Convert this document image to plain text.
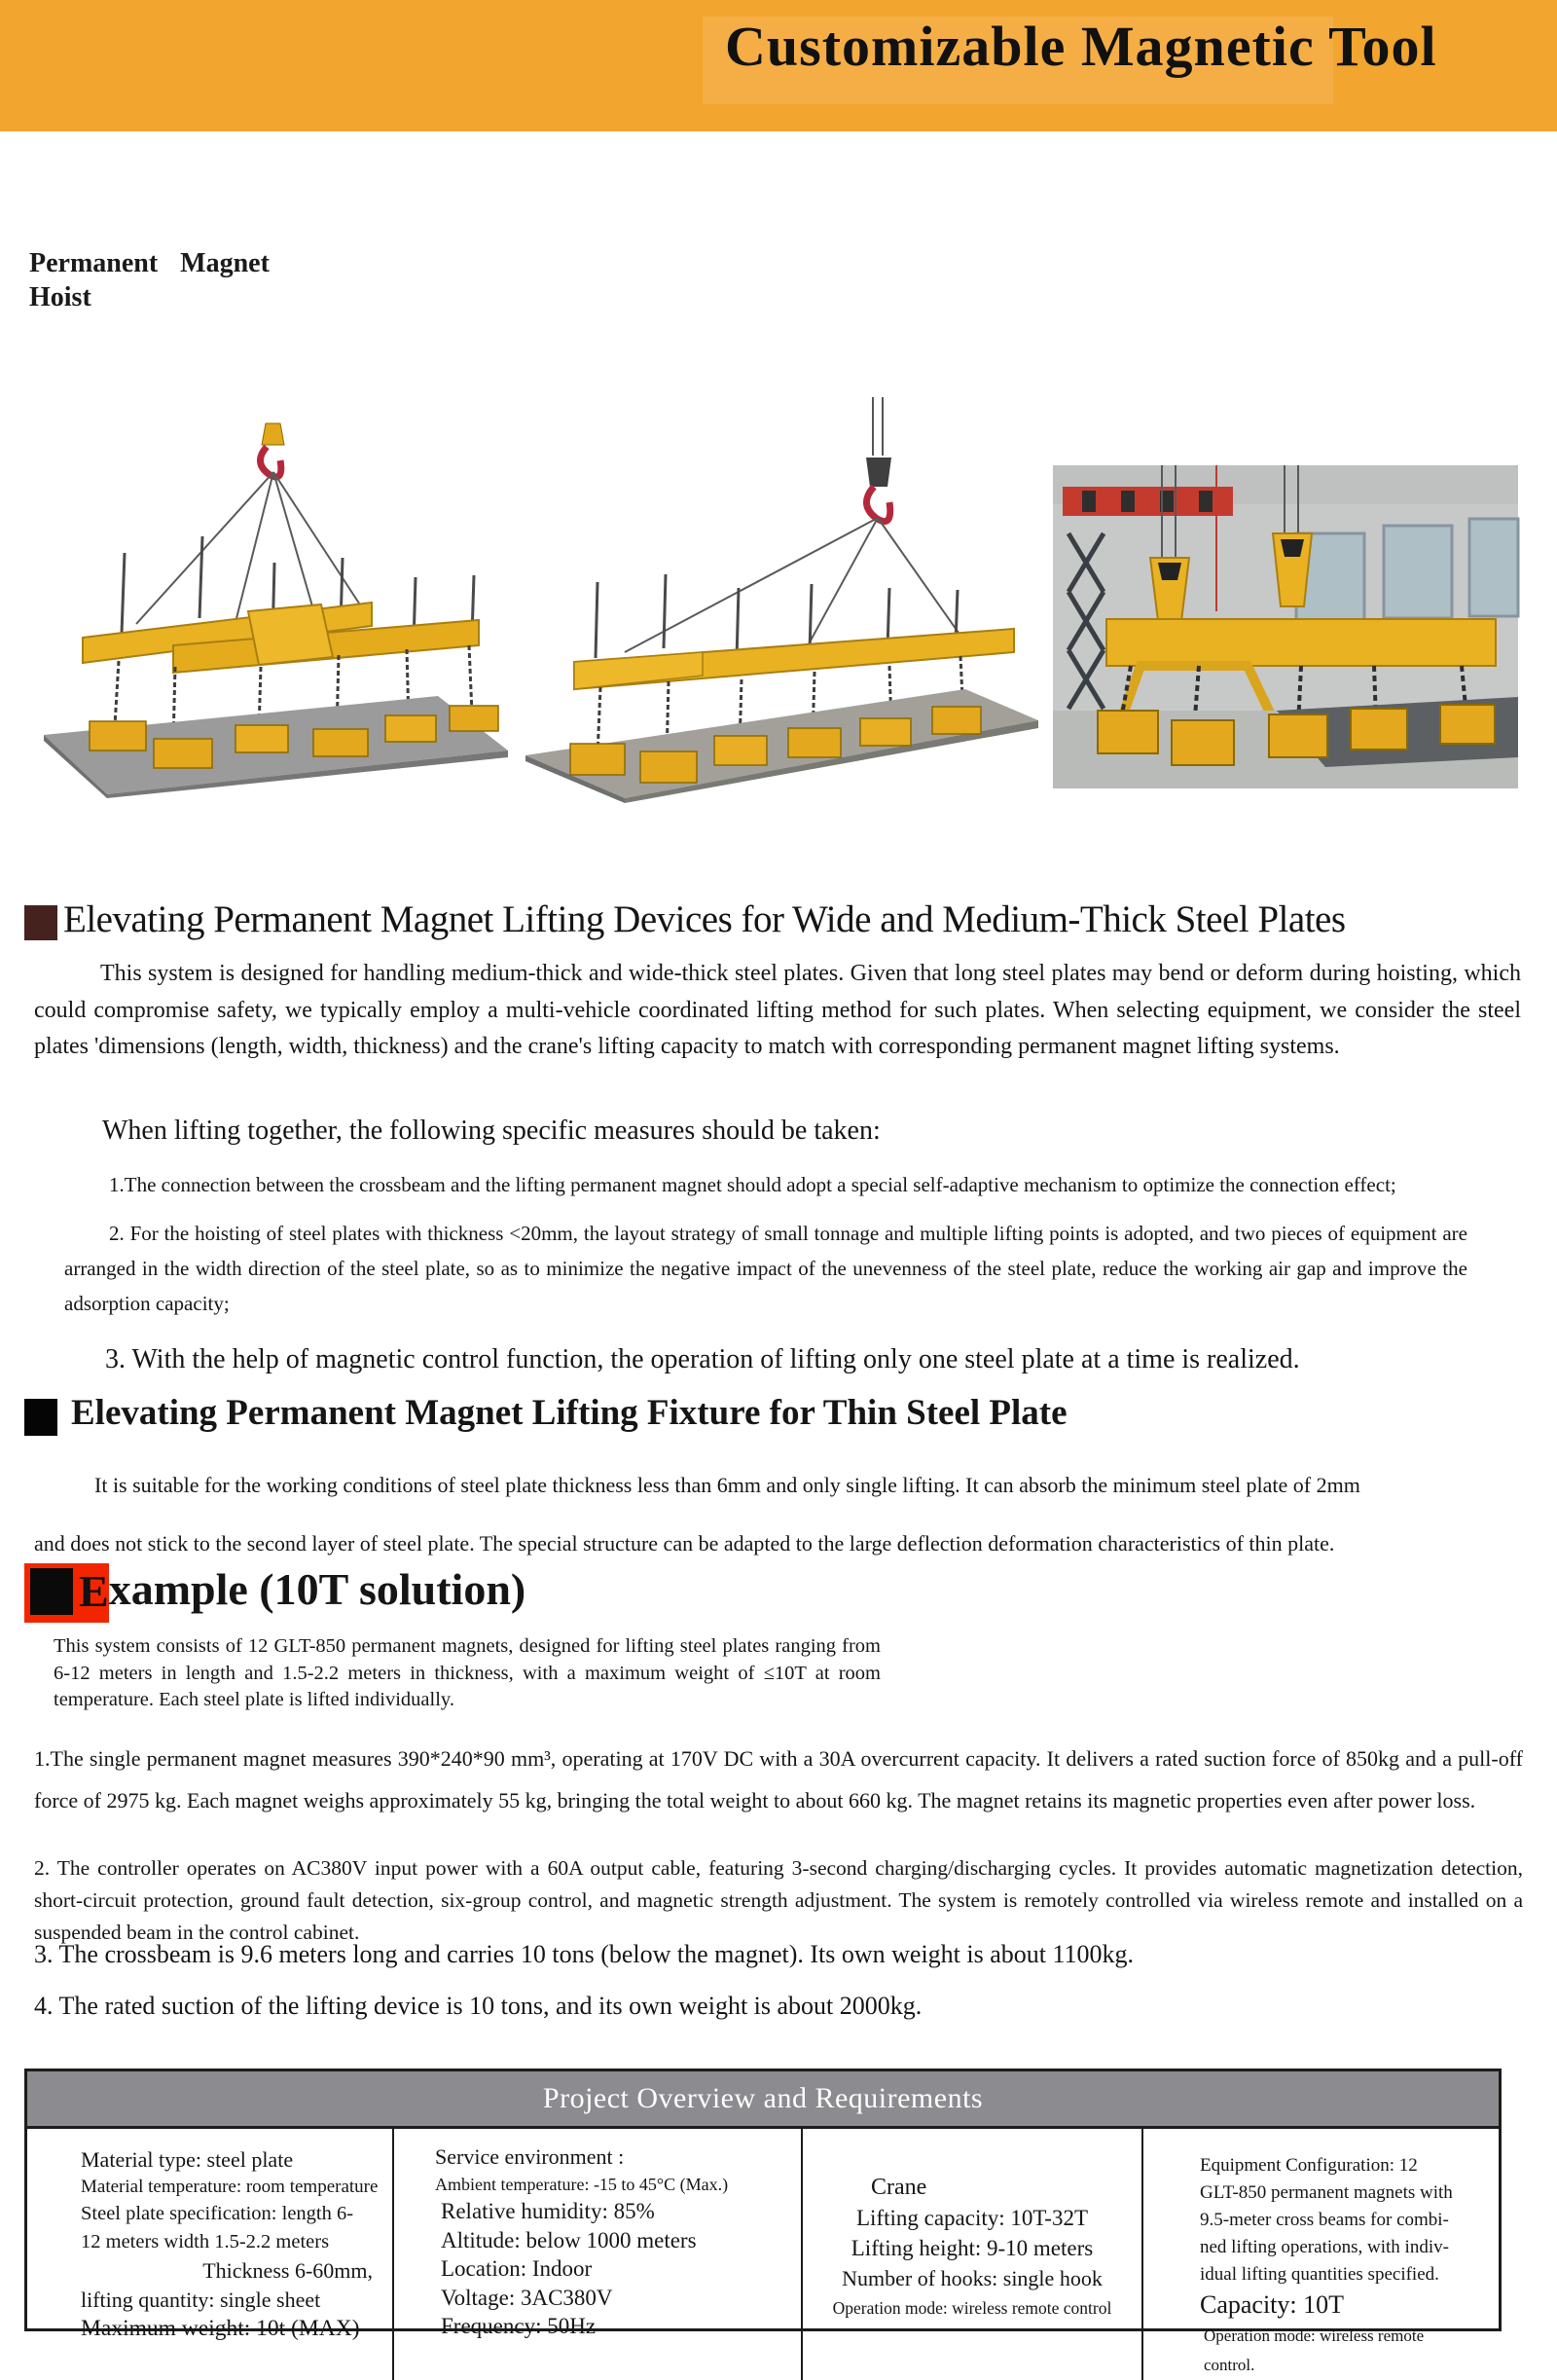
Customizable Magnetic Tool
Permanent Magnet
Hoist
Elevating Permanent Magnet Lifting Devices for Wide and Medium-Thick Steel Plates
This system is designed for handling medium-thick and wide-thick steel plates. Given that long steel plates may bend or deform during hoisting, which could compromise safety, we typically employ a multi-vehicle coordinated lifting method for such plates. When selecting equipment, we consider the steel plates 'dimensions (length, width, thickness) and the crane's lifting capacity to match with corresponding permanent magnet lifting systems.
When lifting together, the following specific measures should be taken:
1.The connection between the crossbeam and the lifting permanent magnet should adopt a special self-adaptive mechanism to optimize the connection effect;
2. For the hoisting of steel plates with thickness <20mm, the layout strategy of small tonnage and multiple lifting points is adopted, and two pieces of equipment are arranged in the width direction of the steel plate, so as to minimize the negative impact of the unevenness of the steel plate, reduce the working air gap and improve the adsorption capacity;
3. With the help of magnetic control function, the operation of lifting only one steel plate at a time is realized.
Elevating Permanent Magnet Lifting Fixture for Thin Steel Plate
It is suitable for the working conditions of steel plate thickness less than 6mm and only single lifting. It can absorb the minimum steel plate of 2mm
and does not stick to the second layer of steel plate. The special structure can be adapted to the large deflection deformation characteristics of thin plate.
E xample (10T solution)
This system consists of 12 GLT-850 permanent magnets, designed for lifting steel plates ranging from 6-12 meters in length and 1.5-2.2 meters in thickness, with a maximum weight of ≤10T at room temperature. Each steel plate is lifted individually.
1.The single permanent magnet measures 390*240*90 mm³, operating at 170V DC with a 30A overcurrent capacity. It delivers a rated suction force of 850kg and a pull-off force of 2975 kg. Each magnet weighs approximately 55 kg, bringing the total weight to about 660 kg. The magnet retains its magnetic properties even after power loss.
2. The controller operates on AC380V input power with a 60A output cable, featuring 3-second charging/discharging cycles. It provides automatic magnetization detection, short-circuit protection, ground fault detection, six-group control, and magnetic strength adjustment. The system is remotely controlled via wireless remote and installed on a suspended beam in the control cabinet.
3. The crossbeam is 9.6 meters long and carries 10 tons (below the magnet). Its own weight is about 1100kg.
4. The rated suction of the lifting device is 10 tons, and its own weight is about 2000kg.
Project Overview and Requirements
Material type: steel plate
Material temperature: room temperature
Steel plate specification: length 6-
12 meters width 1.5-2.2 meters
Thickness 6-60mm,
lifting quantity: single sheet
Maximum weight: 10t (MAX)
Service environment :
Ambient temperature: -15 to 45°C (Max.)
Relative humidity: 85%
Altitude: below 1000 meters
Location: Indoor
Voltage: 3AC380V
Frequency: 50Hz
Crane
Lifting capacity: 10T-32T
Lifting height: 9-10 meters
Number of hooks: single hook
Operation mode: wireless remote control
Equipment Configuration: 12
GLT-850 permanent magnets with
9.5-meter cross beams for combi-
ned lifting operations, with indiv-
idual lifting quantities specified.
Capacity: 10T
Operation mode: wireless remote control.
